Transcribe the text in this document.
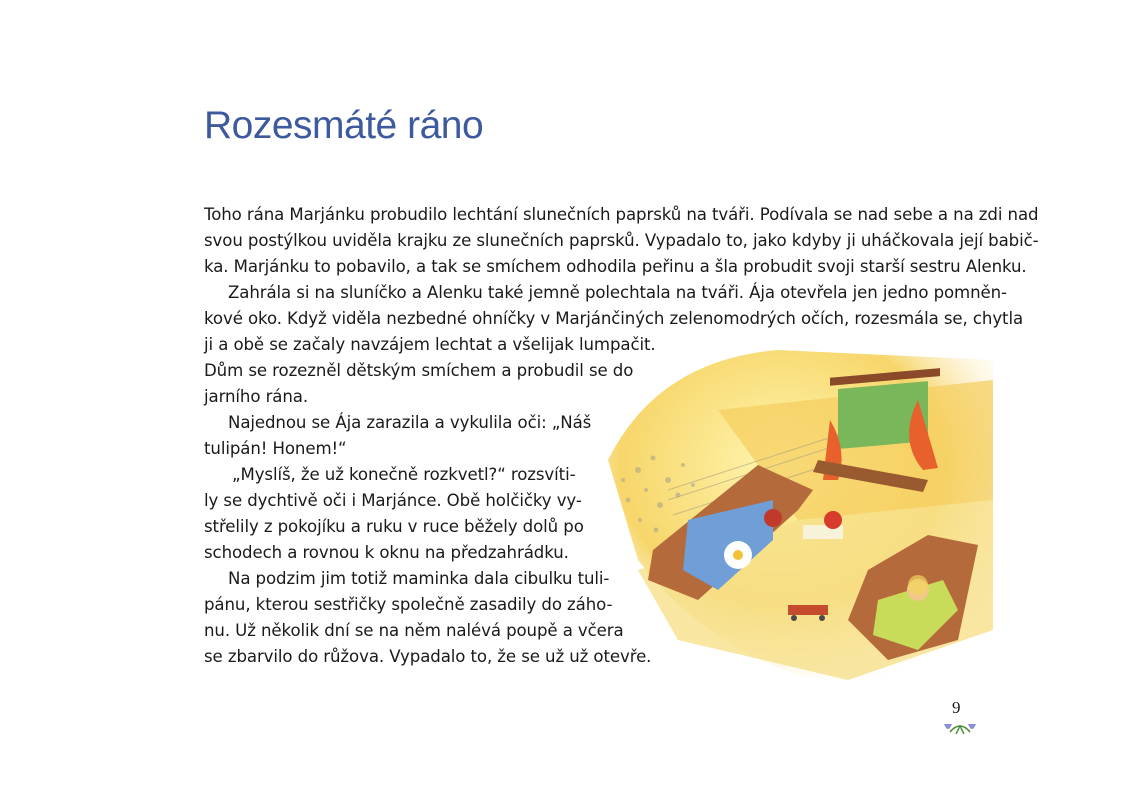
Rozesmáté ráno

Toho rána Marjánku probudilo lechtání slunečních paprsků na tváři. Podívala se nad sebe a na zdi nad

svou postýlkou uviděla krajku ze slunečních paprsků. Vypadalo to, jako kdyby ji uháčkovala její babič-

ka. Marjánku to pobavilo, a tak se smíchem odhodila peřinu a šla probudit svoji starší sestru Alenku.

Zahrála si na sluníčko a Alenku také jemně polechtala na tváři. Ája otevřela jen jedno pomněn-

kové oko. Když viděla nezbedné ohníčky v Marjánčiných zelenomodrých očích, rozesmála se, chytla

ji a obě se začaly navzájem lechtat a všelijak lumpačit.

Dům se rozezněl dětským smíchem a probudil se do

jarního rána.

Najednou se Ája zarazila a vykulila oči: „Náš

tulipán! Honem!“

„Myslíš, že už konečně rozkvetl?“ rozsvíti-

ly se dychtivě oči i Marjánce. Obě holčičky vy-

střelily z pokojíku a ruku v ruce běžely dolů po

schodech a rovnou k oknu na předzahrádku.

Na podzim jim totiž maminka dala cibulku tuli-

pánu, kterou sestřičky společně zasadily do záho-

nu. Už několik dní se na něm nalévá poupě a včera

se zbarvilo do růžova. Vypadalo to, že se už už otevře.

9
